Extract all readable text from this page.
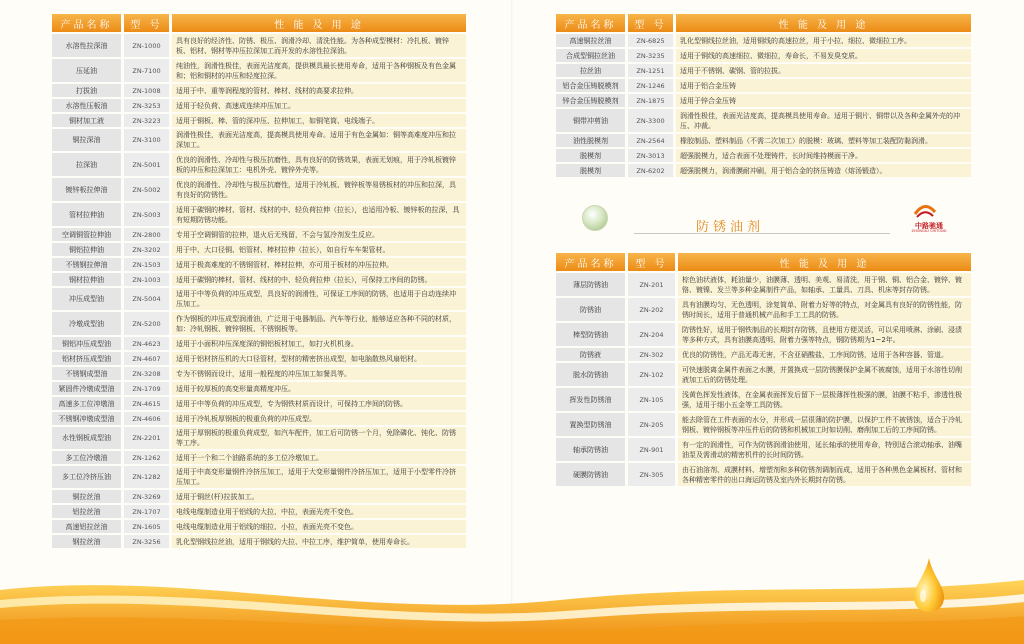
产品名称	型 号	性 能 及 用 途
水溶性拉深油	ZN-1000	具有良好的经济性、防锈、极压、润滑冷却、清洗性能。为各种成型模材：冷扎板、镀锌板、铝材、钢材等冲压拉深加工而开发的水溶性拉深油。
压延油	ZN-7100	纯油性，润滑性极佳，表面光洁度高，提供模具最长使用寿命，适用于各种钢板及有色金属和；铝和铜材的冲压和轻度拉深。
打拔油	ZN-1008	适用于中、重等润程度的管材、棒材、线材的高要求拉伸。
水溶性压板油	ZN-3253	适用于轻负荷、高速成连续冲压加工。
铜材加工液	ZN-3223	适用于铜板、棒、管的深冲压、拉伸加工，如铜笔筒、电线端子。
铜拉深油	ZN-3100	润滑性极佳，表面光洁度高，提高模具使用寿命。适用于有色金属如：铜等高难度冲压和拉深加工。
拉深油	ZN-5001	优良的润滑性、冷却性与极压抗磨性，具有良好的防锈效果，表面无划痕，用于冷轧板镀锌板的冲压和拉深加工：电机外壳、镀锌外壳等。
镀锌板拉伸油	ZN-5002	优良的润滑性、冷却性与极压抗磨性，适用于冷轧板、镀锌板等易锈板材的冲压和拉深，具有良好的防锈性。
管材拉伸油	ZN-5003	适用于碳钢的棒材、管材、线材的中、轻负荷拉伸（拉长），也适用冷板、镀锌板的拉深，具有短期防锈功能。
空调铜管拉伸油	ZN-2800	专用于空调铜管的拉伸，退火后无残留，不会与氢冷剂发生反应。
铜铝拉伸油	ZN-3202	用于中、大口径铜、铝管材、棒材拉伸（拉长），如自行车车架管材。
不锈钢拉伸油	ZN-1503	适用于极高难度的不锈钢管材、棒材拉伸，亦可用于板材的冲压拉伸。
钢材拉伸油	ZN-1003	适用于碳钢的棒材、管材、线材的中、轻负荷拉伸（拉长），可保持工序间的防锈。
冲压成型油	ZN-5004	适用于中等负荷的冲压成型，具良好的润滑性，可保证工序间的防锈，也适用于自动连续冲压加工。
冷墩成型油	ZN-5200	作为钢板的冲压成型润滑油，广泛用于电器制品、汽车等行业，能够适应各种不同的材质，如：冷轧钢板、镀锌钢板、不锈钢板等。
铜铝冲压成型油	ZN-4623	适用于小面积冲压深度深的铜铝板材加工，如打火机机身。
铝材挤压成型油	ZN-4607	适用于铝材挤压机的大口径管材，型材的精密挤出成型，如电脑散热风扇铝材。
不锈钢成型油	ZN-3208	专为不锈钢而设计，适用一般程度的冲压加工如餐具等。
紧固件冷墩成型油	ZN-1709	适用于较厚板的高变形量高精度冲压。
高速多工位冲墩油	ZN-4615	适用于中等负荷的冲压成型，专为钢铁材质而设计，可保持工序间的防锈。
不锈钢冲墩成型油	ZN-4606	适用于冷轧板厚钢板的极重负荷的冲压成型。
水性钢板成型油	ZN-2201	适用于厚钢板的极重负荷成型，如汽车配件，加工后可防锈一个月，免除磷化、钝化、防锈等工序。
多工位冷墩油	ZN-1262	适用于一个和二个油路系统的多工位冷墩加工。
多工位冷挤压油	ZN-1282	适用于中高变形量钢件冷挤压加工，适用于大变形量钢件冷挤压加工，适用于小型零件冷挤压加工。
铜拉丝油	ZN-3269	适用于铜丝(杆)拉拔加工。
铝拉丝油	ZN-1707	电线电缆制造业用于铝线的大拉、中拉，表面光亮不变色。
高速铝拉丝油	ZN-1605	电线电缆制造业用于铝线的细拉、小拉，表面光亮不变色。
钢拉丝油	ZN-3256	乳化型钢线拉丝油，适用于钢线的大拉、中拉工序，维护简单，使用寿命长。
产品名称	型 号	性 能 及 用 途
高速铜拉丝油	ZN-6825	乳化型铜线拉丝油，适用铜线的高速拉丝，用于小拉、细拉、微细拉工序。
合成型铜拉丝油	ZN-3235	适用于铜线的高速细拉、微细拉，寿命长，不易发臭变质。
拉丝油	ZN-1251	适用于不锈钢、碳钢、管的拉拔。
铝合金压铸脱模剂	ZN-1246	适用于铝合金压铸
锌合金压铸脱模剂	ZN-1875	适用于锌合金压铸
铜带冲剪油	ZN-3300	润滑性极佳，表面光洁度高，提高模具使用寿命。适用于铜片、铜带以及各种金属外壳的冲压、冲裁。
油性脱模剂	ZN-2564	橡胶制品、塑料制品（不需二次加工）的脱模：玻璃、塑料等加工装配防黏润滑。
脱模剂	ZN-3013	超强脱模力，适合表面不处理铸件，长时间维持模面干净。
脱模剂	ZN-6202	超强脱模力，润滑膜耐冲刷，用于铝合金的挤压铸造（熔汤锻造）。
防锈油剂	中路驰通
ZHONGLU CHITONG
产品名称	型 号	性 能 及 用 途
薄层防锈油	ZN-201	棕色油状液体，耗油量少，油膜薄、透明、美观、易清洗，用于钢、铜、铝合金、镀锌、镀铬、镀镍、发兰等多种金属制件产品，如轴承、工量具、刀具、机床等封存防锈。
防锈油	ZN-202	具有油膜均匀、无色透明，涂复简单、附着力好等的特点，对金属具有良好的防锈性能，防锈时间长，适用于普通机械产品和手工工具的防锈。
棒型防锈油	ZN-204	防锈性好，适用于钢铁制品的长期封存防锈，且使用方便灵活，可以采用喷淋、涂刷、浸渍等多种方式，具有油膜高透明、附着力强等特点，钢防锈期为1~2年。
防锈液	ZN-302	优良的防锈性，产品无毒无害，不含亚硝酸盐，工序间防锈，适用于各种容器、管道。
脱水防锈油	ZN-102	可快速脱离金属件表面之水膜，并置换成一层防锈膜保护金属不被腐蚀，适用于水溶性切削液加工后的防锈处理。
挥发性防锈油	ZN-105	浅黄色挥发性液体，在金属表面挥发后留下一层极薄挥性极强的膜，油膜不粘手，渗透性极强，适用于细小五金等工具防锈。
置换型防锈油	ZN-205	能去除管在工件表面的水分，并形成一层很薄的防护膜，以保护工件不被锈蚀，适合于冷轧钢板、镀锌钢板等冲压件后的防锈和机械加工时如切削、磨削加工后的工序间防锈。
轴承防锈油	ZN-901	有一定的润滑性，可作为防锈润滑油使用，延长轴承的使用寿命，特别适合滚动轴承、油嘴油泵及需滑动的精密机件的长时间防锈。
硬膜防锈油	ZN-305	由石油溶剂、成膜材料、增塑剂和多种防锈剂调制而成，适用于各种黑色金属板材、管材和各种精密零件的出口海运防锈及室内外长期封存防锈。
